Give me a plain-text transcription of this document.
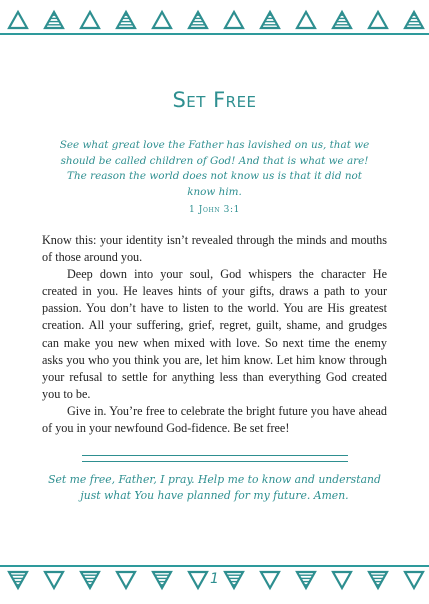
Set Free
See what great love the Father has lavished on us, that we should be called children of God! And that is what we are! The reason the world does not know us is that it did not know him.
1 John 3:1

Know this: your identity isn’t revealed through the minds and mouths of those around you.

Deep down into your soul, God whispers the character He created in you. He leaves hints of your gifts, draws a path to your passion. You don’t have to listen to the world. You are His greatest creation. All your suffering, grief, regret, guilt, shame, and grudges can make you new when mixed with love. So next time the enemy asks you who you think you are, let him know. Let him know through your refusal to settle for anything less than everything God created you to be.

Give in. You’re free to celebrate the bright future you have ahead of you in your newfound God-fidence. Be set free!

Set me free, Father, I pray. Help me to know and understand just what You have planned for my future. Amen.
1
